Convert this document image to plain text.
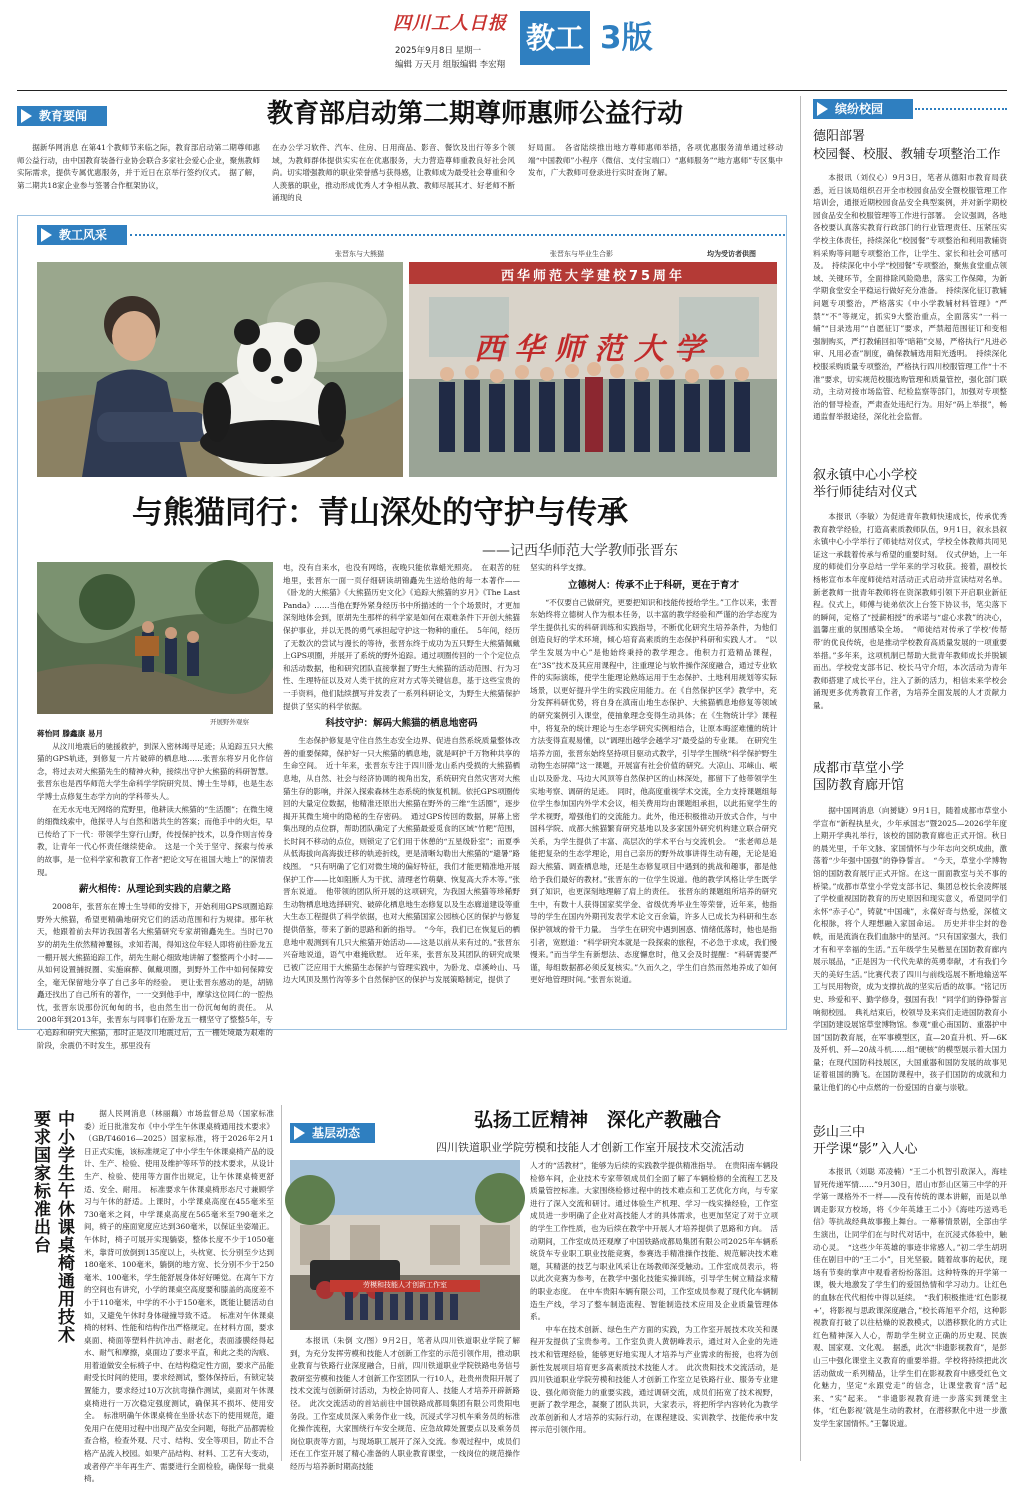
四川工人日报
2025年9月8日 星期一
编辑 万天月 组版编辑 李宏翔
教工 3版
教育要闻	教育部启动第二期尊师惠师公益行动
据新华网消息 在第41个教师节来临之际，教育部启动第二期尊师惠师公益行动，由中国教育装备行业协会联合多家社会爱心企业，聚焦教师实际需求，提供专属优惠服务，并于近日在京举行签约仪式。　据了解，第二期共18家企业参与签署合作框架协议，
在办公学习软件、汽车、住房、日用商品、影音、餐饮及出行等多个领域，为教师群体提供实实在在优惠服务，大力营造尊师重教良好社会风尚。切实增强教师的职业荣誉感与获得感，让教师成为最受社会尊重和令人羡慕的职业，推动形成优秀人才争相从教、教师尽展其才、好老师不断涌现的良
好局面。　各省陆续推出地方尊师惠师举措，各项优惠服务清单通过移动端“中国教师”小程序（微信、支付宝端口）“惠师服务”“地方惠师”专区集中发布，广大教师可登录进行实时查询了解。
教工风采
张晋东与大熊猫	张晋东与毕业生合影	均为受访者供图
西华师范大学建校75周年
西华师范大学
与熊猫同行：青山深处的守护与传承
——记西华师范大学教师张晋东
开展野外观察
蒋怡同 滕鑫康 易月

从汶川地震后的驰援救护，到深入密林竭寻足迹；从追踪五只大熊猫的GPS轨迹，到修复一片片破碎的栖息地……张晋东将岁月化作信念，将过去对大熊猫先生的精神火种，接续出守护大熊猫的科研智慧。张晋东也是西华师范大学生命科学学院研究员、博士生导师，也是生态学博士点修复生态学方向的学科带头人。

在无水无电无网络的荒野里，他耕读大熊猫的“生活圈”；在微生境的细微线索中，他探寻人与自然和谐共生的答案；而他手中的火炬，早已传给了下一代：带领学生穿行山野，传授保护技术，以身作则言传身教，让青年一代心怀责任继续使命。　这是一个关于坚守、探索与传承的故事，是一位科学家和教育工作者“把论文写在祖国大地上”的深情表现。

薪火相传：从理论到实践的启蒙之路

2008年，张晋东在博士生导师的安排下，开始利用GPS项圈追踪野外大熊猫，希望更精确地研究它们的活动范围和行为规律。那年秋天，他跟着前去拜访我国著名大熊猫研究专家胡锦矗先生。当时已70岁的胡先生依然精神矍铄，求知若渴，得知这位年轻人即将前往卧龙五一棚开展大熊猫追踪工作，胡先生耐心细致地讲解了整整两个小时——从如何设置捕捉圈、实施麻醉、佩戴项圈，到野外工作中如何保障安全，毫无保留地分享了自己多年的经验。　更让张晋东感动的是，胡锦矗还找出了自己所有的著作，一一交到他手中，摩挲这位同仁的一腔热忱，张晋东说那份沉甸甸的书，也由然生出一份沉甸甸的责任。　从2008年到2013年，张晋东与同事们在卧龙五一棚坚守了整整5年，专心追踪和研究大熊猫，那时正是汶川地震过后，五一棚处境最为艰难的阶段，余震仍不时发生，那里没有

电，没有自来水，也没有网络，夜晚只能依靠蜡光照亮。　在艰苦的驻地里，张晋东一面一页仔细研读胡锦矗先生送给他的每一本著作——《卧龙的大熊猫》《大熊猫历史文化》《追踪大熊猫的岁月》《The Last Panda》……当他在野外紧身经历书中所描述的一个个场景时，才更加深刻地体会到，原胡先生那样的科学家是如何在艰难条件下开创大熊猫保护事业，并以无畏的勇气承担起守护这一物种的重任。　5年间，经历了无数次的尝试与漫长的等待，张晋东终于成功为五只野生大熊猫佩戴上GPS项圈，并展开了系统的野外追踪。通过项圈传回的一个个定位点和活动数据，他和研究团队直接掌握了野生大熊猫的活动范围、行为习性、生理特征以及对人类干扰的应对方式等关键信息，基于这些宝贵的一手资料，他们陆续撰写并发表了一系列科研论文，为野生大熊猫保护提供了坚实的科学依据。

科技守护：解码大熊猫的栖息地密码

生态保护修复是守住自然生态安全边界、促进自然系统质量整体改善的重要保障，保护好一只大熊猫的栖息地，就是呵护千万物种共享的生命空间。　近十年来，张晋东专注于四川卧龙山系内受损的大熊猫栖息地，从自然、社会与经济协调的视角出发，系统研究自然灾害对大熊猫生存的影响，并深入探索森林生态系统的恢复机制。依托GPS项圈传回的大量定位数据，他精准还原出大熊猫在野外的三维“生活圈”，逐步揭开其微生境中的隐秘的生存密码。　通过GPS传回的数据，屏幕上密集出现的点位群，帮助团队确定了大熊猫最爱觅食的区域“竹粑”范围，长时间不移动的点位，则锁定了它们用于休憩的“五星级卧室”；而夏季从低海拔向高海拔迁移的轨迹折线，更是清晰勾勒出大熊猫的“避暑”路线图。　“只有明确了它们对微生境的偏好特征，我们才能更精准地开展保护工作——比如阻断人为干扰、清理老竹萌蘖、恢复高大乔木等。”张晋东说道。　他带领的团队所开展的这项研究，为我国大熊猫等珍稀野生动物栖息地选择研究、破碎化栖息地生态修复以及生态廊道建设等重大生态工程提供了科学依据，也对大熊猫国家公园核心区的保护与修复提供借鉴，带来了新的思路和新的指导。　“今年，我们已在恢复后的栖息地中观测到有几只大熊猫开始活动——这是以前从来有过的。”张晋东兴奋地说道，语气中难掩欣慰。　近年来，张晋东及其团队的研究成果已被广泛应用于大熊猫生态保护与管理实践中，为卧龙、卓溪岭山、马边大风顶及黑竹沟等多个自然保护区的保护与发展策略制定，提供了

坚实的科学支撑。

立德树人：传承不止于科研，更在于育才

“不仅要自己做研究，更要把知识和技能传授给学生。”工作以来，张晋东始终将立德树人作为根本任务，以丰富的教学经验和严谨的治学态度为学生提供扎实的科研训练和实践指导，不断优化研究生培养条件，为他们创造良好的学术环境，倾心培育高素质的生态保护科研和实践人才。　“以学生发展为中心”是他始终秉持的教学理念。他积力打造精品课程，在“3S”技术及其应用课程中，注重理论与软件操作深度融合，通过专业软件的实际演练，使学生能理论熟练运用于生态保护、土地利用规划等实际场景，以更好提升学生的实践应用能力。在《自然保护区学》教学中，充分发挥科研优势，将自身在滇南山地生态保护、大熊猫栖息地修复等领域的研究案例引入课堂，使抽象理念变得生动具体；在《生物统计学》课程中，将复杂的统计理论与生态学研究实例相结合，让原本晦涩难懂的统计方法变得直观易懂，以“调理出越学会越学习”最受益的专业课。　在研究生培养方面，张晋东始终坚持项目驱动式教学，引导学生围绕“科学保护野生动物生态屏障”这一课题，开展富有社会价值的研究。大凉山、邛崃山、岷山以及卧龙、马边大风顶等自然保护区的山林深处，都留下了他带领学生实地考察、调研的足迹。　同时，他高度重视学术交流，全力支持课题组每位学生参加国内外学术会议，相关费用均由课题组承担，以此拓宽学生的学术视野，增强他们的交流能力。此外，他还积极推动开放式合作，与中国科学院、成都大熊猫繁育研究基地以及多家国外研究机构建立联合研究关系，为学生提供了丰富、高层次的学术平台与交流机会。　“张老师总是能把复杂的生态学理论，用自己亲历的野外故事讲得生动有趣，无论是追踪大熊猫、调查栖息地，还是生态修复项目中遇到的挑战和趣事，都是他给予我们最好的教材。”张晋东的一位学生说道。他的教学风格让学生既学到了知识，也更深刻地理解了肩上的责任。　张晋东的课题组所培养的研究生中，有数十人获得国家奖学金、省级优秀毕业生等荣誉，近年来，他指导的学生在国内外期刊发表学术论文百余篇，许多人已成长为科研和生态保护领域的骨干力量。　当学生在研究中遇到困惑、情绪低落时，他也是指引者，宽慰道：“科学研究本就是一段探索的旅程，不必急于求成，我们慢慢来。”而当学生有新想法、态度懈怠时，他又会及时提醒：“科研需要严谨，每组数据都必须反复核实。”久而久之，学生们自然而然地养成了如何更好地管理时间。”张晋东说道。

缤纷校园
德阳部署
校园餐、校服、教辅专项整治工作

本报讯（刘仪心）9月3日，笔者从德阳市教育局获悉，近日该局组织召开全市校园食品安全暨校服管理工作培训会，通报近期校园食品安全典型案例，并对新学期校园食品安全和校服管理等工作进行部署。　会议强调，各地各校要认真落实教育行政部门的行业管理责任、压紧压实学校主体责任，持续深化“校园餐”专项整治和利用教辅资料采购等问题专项整治工作，让学生、家长和社会可感可及。　持续深化中小学“校园餐”专项整治，聚焦食堂重点领域、关键环节，全面排除风险隐患，落实工作保障，为新学期食堂安全平稳运行做好充分准备。　持续深化征订教辅问题专项整治，严格落实《中小学教辅材料管理》“严禁”“不”等规定，抓实9大整治重点，全面落实“一科一辅”“目录选用”“自愿征订”要求，严禁超范围征订和变相强制购买，严打教辅回扣等“暗箱”交易，严格执行“凡进必审、凡用必查”制度，确保教辅选用阳光透明。　持续深化校服采购质量专项整治，严格执行四川校服管理工作“十不准”要求，切实规范校服选购管理和质量管控，强化部门联动，主动对接市场监管、纪检监察等部门，加强对专项整治的督导检查，严肃查处违纪行为。用好“码上举报”，畅通监督举报途径，深化社会监督。

叙永镇中心小学校
举行师徒结对仪式

本报讯（李敏）为促进青年教师快速成长，传承优秀教育教学经验，打造高素质教师队伍，9月1日，叙永县叙永镇中心小学举行了师徒结对仪式，学校全体教师共同见证这一承载着传承与希望的重要时刻。　仪式伊始，上一年度的师徒们分享总结一学年来的学习收获。接着，副校长杨彬宣布本年度师徒结对活动正式启动并宣读结对名单。新老教师一批青年教师将在资深教师引领下开启职业新征程。仪式上，师傅与徒弟依次上台签下协议书，笔尖落下的瞬间，定格了“授薪相授”的承诺与“虚心求教”的决心，温馨庄重的氛围感染全场。　“师徒结对传承了学校‘传帮带’的优良传统，也是推动学校教育高质量发展的一项重要举措。”多年来，这项机制已帮助大批青年教师成长并脱颖而出。学校党支部书记、校长马守介绍，本次活动为青年教师搭建了成长平台，注入了新的活力，相信未来学校会涌现更多优秀教育工作者，为培养全面发展的人才贡献力量。

成都市草堂小学
国防教育廊开馆

据中国网消息（向赟婕）9月1日，随着成都市草堂小学宣布“新程执星火，少年承国志”暨2025—2026学年度上期开学典礼举行，该校的国防教育廊也正式开馆。秋日的晨光里，千年文脉、家国情怀与少年志向交织成曲，激荡着“少年强中国强”的铮铮誓言。　“今天，草堂小学博物馆的国防教育展厅正式开馆。在这一面面教室与关不事的桥梁。”成都市草堂小学党支部书记、集团总校长余凌辉展了学校重视国防教育的历史原因和现实意义，希望同学们永怀“赤子心”，铸就“中国魂”，永葆好奇与热爱，深植文化根脉，将个人理想融入家国命运。　历史并非尘封的卷帙，而是流淌在我们血脉中的星河。“只有国家强大，我们才有和平幸福的生活。”五年级学生吴楷星在国防教育廊内展示展品，“正是因为一代代先辈的英勇奉献，才有我们今天的美好生活。”比赛代表了四川与前线巡展不断地输送军工与民用物资，成为支撑抗战的坚实后盾的故事。“铭记历史、珍爱和平、勤学修身，强国有我！”同学们的铮铮誓言响彻校园。　典礼结束后，校领导及来宾们走进国防教育小学国防建设展馆草堂博物馆。参观“重心南国防、重器护中国”国防教育展，在军事模型区，直—20直升机、歼—6K及歼机、歼—20战斗机……组“硬核”的模型展示着大国力量；在现代国防科技展区，大国重器和国防发展的故事见证着祖国的腾飞。在国防课程中，孩子们国防的成就和力量让他们的心中点燃的一份爱国的自豪与崇敬。

彭山三中
开学课“影”入人心

本报讯（刘聪 邓凌楠）“王二小机智引敌深入，海哇冒死传递军情……”9月30日，眉山市彭山区第三中学的开学第一课格外不一样——没有传统的课本讲解，而是以单调走影双方校场，将《少年英雄王二小》《海哇巧送鸡毛信》等抗战经典故事搬上舞台。一幕幕情景剧，全部由学生演出，让同学们在与时代对话中，在沉浸式体验中，触动心灵。　“这些少年英雄的事迹非常感人。”初二学生胡玥佳在剧目中的“王二小”，目光坚毅。随着故事的起伏，现场有节奏的掌声中观看者纷纷落泪。这种特殊的开学第一课，极大地激发了学生们的爱国热情和学习动力。让红色的血脉在代代相传中得以延续。　“我们积极推进‘红色影视+’，将影视与思政课深度融合，”校长蒋旭平介绍，这种影视教育打破了以往枯燥的说教模式，以潜移默化的方式让红色精神深入人心，帮助学生树立正确的历史观、民族观、国家观、文化观。　据悉，此次“非遗影视教育”，是彭山三中强化课堂主义教育的重要举措。学校将持续把此次活动做成一系列精品，让学生们在影视教育中感受红色文化魅力，坚定“永跟党走”的信念，让课堂教育“活”起来、“实”起来。　“非遗影视教育进一步落实到课堂主体，‘红色影视’就是生动的教材，在潜移默化中进一步激发学生家国情怀。”王馨说道。

中小学生午休课桌椅通用技术要求国家标准出台	据人民网消息（林丽藕）市场监督总局（国家标准委）近日批准发布《中小学生午休课桌椅通用技术要求》（GB/T46016—2025）国家标准，将于2026年2月1日正式实施，该标准规定了中小学生午休课桌椅产品的设计、生产、检验、使用及维护等环节的技术要求，从设计生产、检验、使用等方面作出规定，让午休课桌椅更舒适、安全、耐用。　标准要求午休课桌椅形态尺寸兼顾学习与午休的舒适。上课时，小学课桌高度在455毫米至730毫米之间，中学课桌高度在565毫米至790毫米之间，椅子的座面宽度应达到360毫米，以保证坐姿端正。午休时，椅子可展开实现躺姿，整体长度不少于1050毫米，靠背可放倒到135度以上，头枕宽、长分别至少达到180毫米、100毫米，躺倒的地方宽、长分别不少于250毫米、100毫米，学生能舒展身体好好睡觉。在离午下方的空间也有讲究，小学的课桌空高度要和膝盖的高度差不小于110毫米，中学的不小于150毫米，既能让腿活动自如，又避免午休时身体碰撞导致不适。　标准对午休课桌椅的材料、性能和结构作出严格规定。在材料方面，要求桌面、椅面等塑料件抗冲击、耐老化，表面漆膜经得起水、耐气和摩擦，桌面边了要求平直，和此之类的沟痕、用着道做安全标椅子中、在结构稳定性方面，要求产品能耐受长时间的使用，要求经测试，整体保持后，有锁定装置能力，要求经过10万次抗弯操作测试，桌面对午休课桌椅进行一万次稳定强度测试，确保其不损坏、使用安全。　标准明确午休课桌椅在坐卧状态下的使用规范，避免用户在使用过程中出现产品安全问题，每批产品都需检查合格，检查外观、尺寸、结构、安全等项目，防止不合格产品流入校园。如果产品结构、材料、工艺有大变动，或者停产半年再生产、需要进行全面检验，确保每一批桌椅。

基层动态
弘扬工匠精神　深化产教融合
四川铁道职业学院劳模和技能人才创新工作室开展技术交流活动
劳模和技能人才创新工作室

本报讯（朱倒 文/图）9月2日，笔者从四川铁道职业学院了解到，为充分发挥劳模和技能人才创新工作室的示范引领作用，推动职业教育与铁路行业深度融合，日前，四川铁道职业学院铁路电务信号教研室劳模和技能人才创新工作室团队一行10人，赴贵州贵阳开展了技术交流与创新研讨活动，为校企协同育人、技能人才培养开辟新路径。　此次交流活动的首站前往中国铁路成都局集团有限公司贵阳电务段。工作室成员深入乘务作业一线，沉浸式学习机车乘务员的标准化操作流程，大家围绕行车安全规范、应急故障处置要点以及乘务员岗位职责等方面，与现场职工展开了深入交流。参观过程中，成员们还在工作室开展了精心准备的人职业教育课堂，一线岗位的规范操作经历与培养新时期高技能

人才的“活教材”，能够为后续的实践教学提供精准指导。　在贵阳南车辆段检修车间，企业技术专家带领成员们全面了解了车辆检修的全流程工艺及质量管控标准。大家围绕检修过程中的技术难点和工艺优化方向，与专家进行了深入交流和研讨。通过体验生产机理、学习一线实操经验，工作室成员进一步明确了企业对高技能人才的具体需求，也更加坚定了对于立项的学生工作性质，也为后续在教学中开展人才培养提供了思路和方向。　活动期间，工作室成员还观摩了中国铁路成都局集团有限公司2025年车辆系统货车专业职工职业技能竞赛，参赛选手精准操作技能、规范解决技术难题，其精湛的技艺与职业风采让在场教师深受触动。工作室成员表示，将以此次竞赛为参考，在教学中强化技能实操训练，引导学生树立精益求精的职业态度。　在中车贵阳车辆有限公司，工作室成员参观了现代化车辆制造生产线，学习了整车制造流程、智能制造技术应用及企业质量管理体系。

中车在技术创新、绿色生产方面的实践，为工作室开展技术攻关和课程开发提供了宝贵参考。工作室负责人黄朝峰表示，通过对入企业的先进技术和管理经验，能够更好地实现人才培养与产业需求的衔接，也将为创新性发展项目培育更多高素质技术技能人才。　此次贵阳技术交流活动，是四川铁道职业学院劳模和技能人才创新工作室立足铁路行业、服务专业建设、强化师资能力的重要实践，通过调研交流，成员们拓宽了技术视野，更新了教学理念，凝聚了团队共识，大家表示，将把所学内容转化为教学改革创新和人才培养的实际行动，在课程建设、实训教学、技能传承中发挥示范引领作用。
